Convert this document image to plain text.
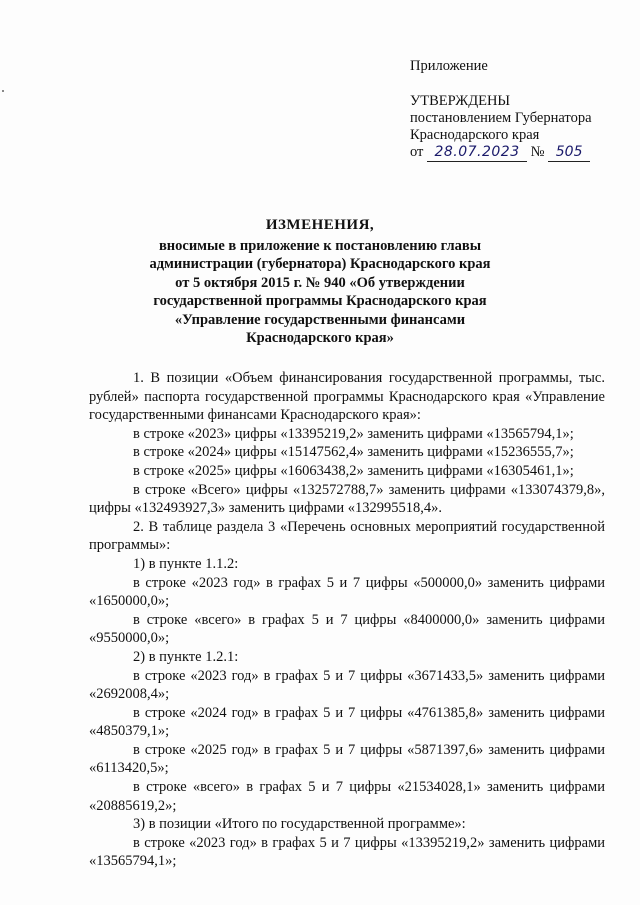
Приложение
УТВЕРЖДЕНЫ
постановлением Губернатора
Краснодарского края
от 28.07.2023 № 505
ИЗМЕНЕНИЯ,
вносимые в приложение к постановлению главы
администрации (губернатора) Краснодарского края
от 5 октября 2015 г. № 940 «Об утверждении
государственной программы Краснодарского края
«Управление государственными финансами
Краснодарского края»

1. В позиции «Объем финансирования государственной программы, тыс. рублей» паспорта государственной программы Краснодарского края «Управление государственными финансами Краснодарского края»:

в строке «2023» цифры «13395219,2» заменить цифрами «13565794,1»;

в строке «2024» цифры «15147562,4» заменить цифрами «15236555,7»;

в строке «2025» цифры «16063438,2» заменить цифрами «16305461,1»;

в строке «Всего» цифры «132572788,7» заменить цифрами «133074379,8», цифры «132493927,3» заменить цифрами «132995518,4».

2. В таблице раздела 3 «Перечень основных мероприятий государственной программы»:

1) в пункте 1.1.2:

в строке «2023 год» в графах 5 и 7 цифры «500000,0» заменить цифрами «1650000,0»;

в строке «всего» в графах 5 и 7 цифры «8400000,0» заменить цифрами «9550000,0»;

2) в пункте 1.2.1:

в строке «2023 год» в графах 5 и 7 цифры «3671433,5» заменить цифрами «2692008,4»;

в строке «2024 год» в графах 5 и 7 цифры «4761385,8» заменить цифрами «4850379,1»;

в строке «2025 год» в графах 5 и 7 цифры «5871397,6» заменить цифрами «6113420,5»;

в строке «всего» в графах 5 и 7 цифры «21534028,1» заменить цифрами «20885619,2»;

3) в позиции «Итого по государственной программе»:

в строке «2023 год» в графах 5 и 7 цифры «13395219,2» заменить цифрами «13565794,1»;
